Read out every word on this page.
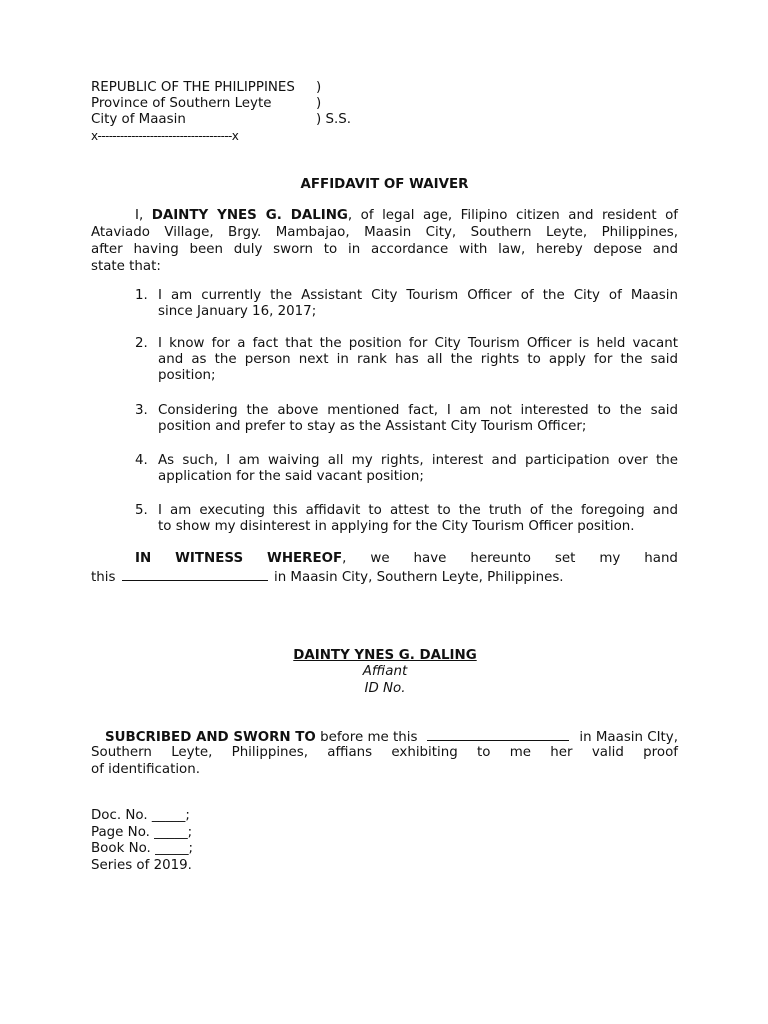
REPUBLIC OF THE PHILIPPINES )
Province of Southern Leyte	)
City of Maasin	) S.S.
x------------------------------------x
AFFIDAVIT OF WAIVER
I, DAINTY YNES G. DALING, of legal age, Filipino citizen and resident of
Ataviado Village, Brgy. Mambajao, Maasin City, Southern Leyte, Philippines,
after having been duly sworn to in accordance with law, hereby depose and
state that:
1. I am currently the Assistant City Tourism Officer of the City of Maasin
since January 16, 2017;
2. I know for a fact that the position for City Tourism Officer is held vacant
and as the person next in rank has all the rights to apply for the said
position;
3. Considering the above mentioned fact, I am not interested to the said
position and prefer to stay as the Assistant City Tourism Officer;
4. As such, I am waiving all my rights, interest and participation over the
application for the said vacant position;
5. I am executing this affidavit to attest to the truth of the foregoing and
to show my disinterest in applying for the City Tourism Officer position.
IN WITNESS WHEREOF, we have hereunto set my hand
this	in Maasin City, Southern Leyte, Philippines.
DAINTY YNES G. DALING
Affiant
ID No.
SUBCRIBED AND SWORN TO before me this	in Maasin CIty,
Southern Leyte, Philippines, affians exhibiting to me her valid proof
of identification.
Doc. No. _____;
Page No. _____;
Book No. _____;
Series of 2019.
